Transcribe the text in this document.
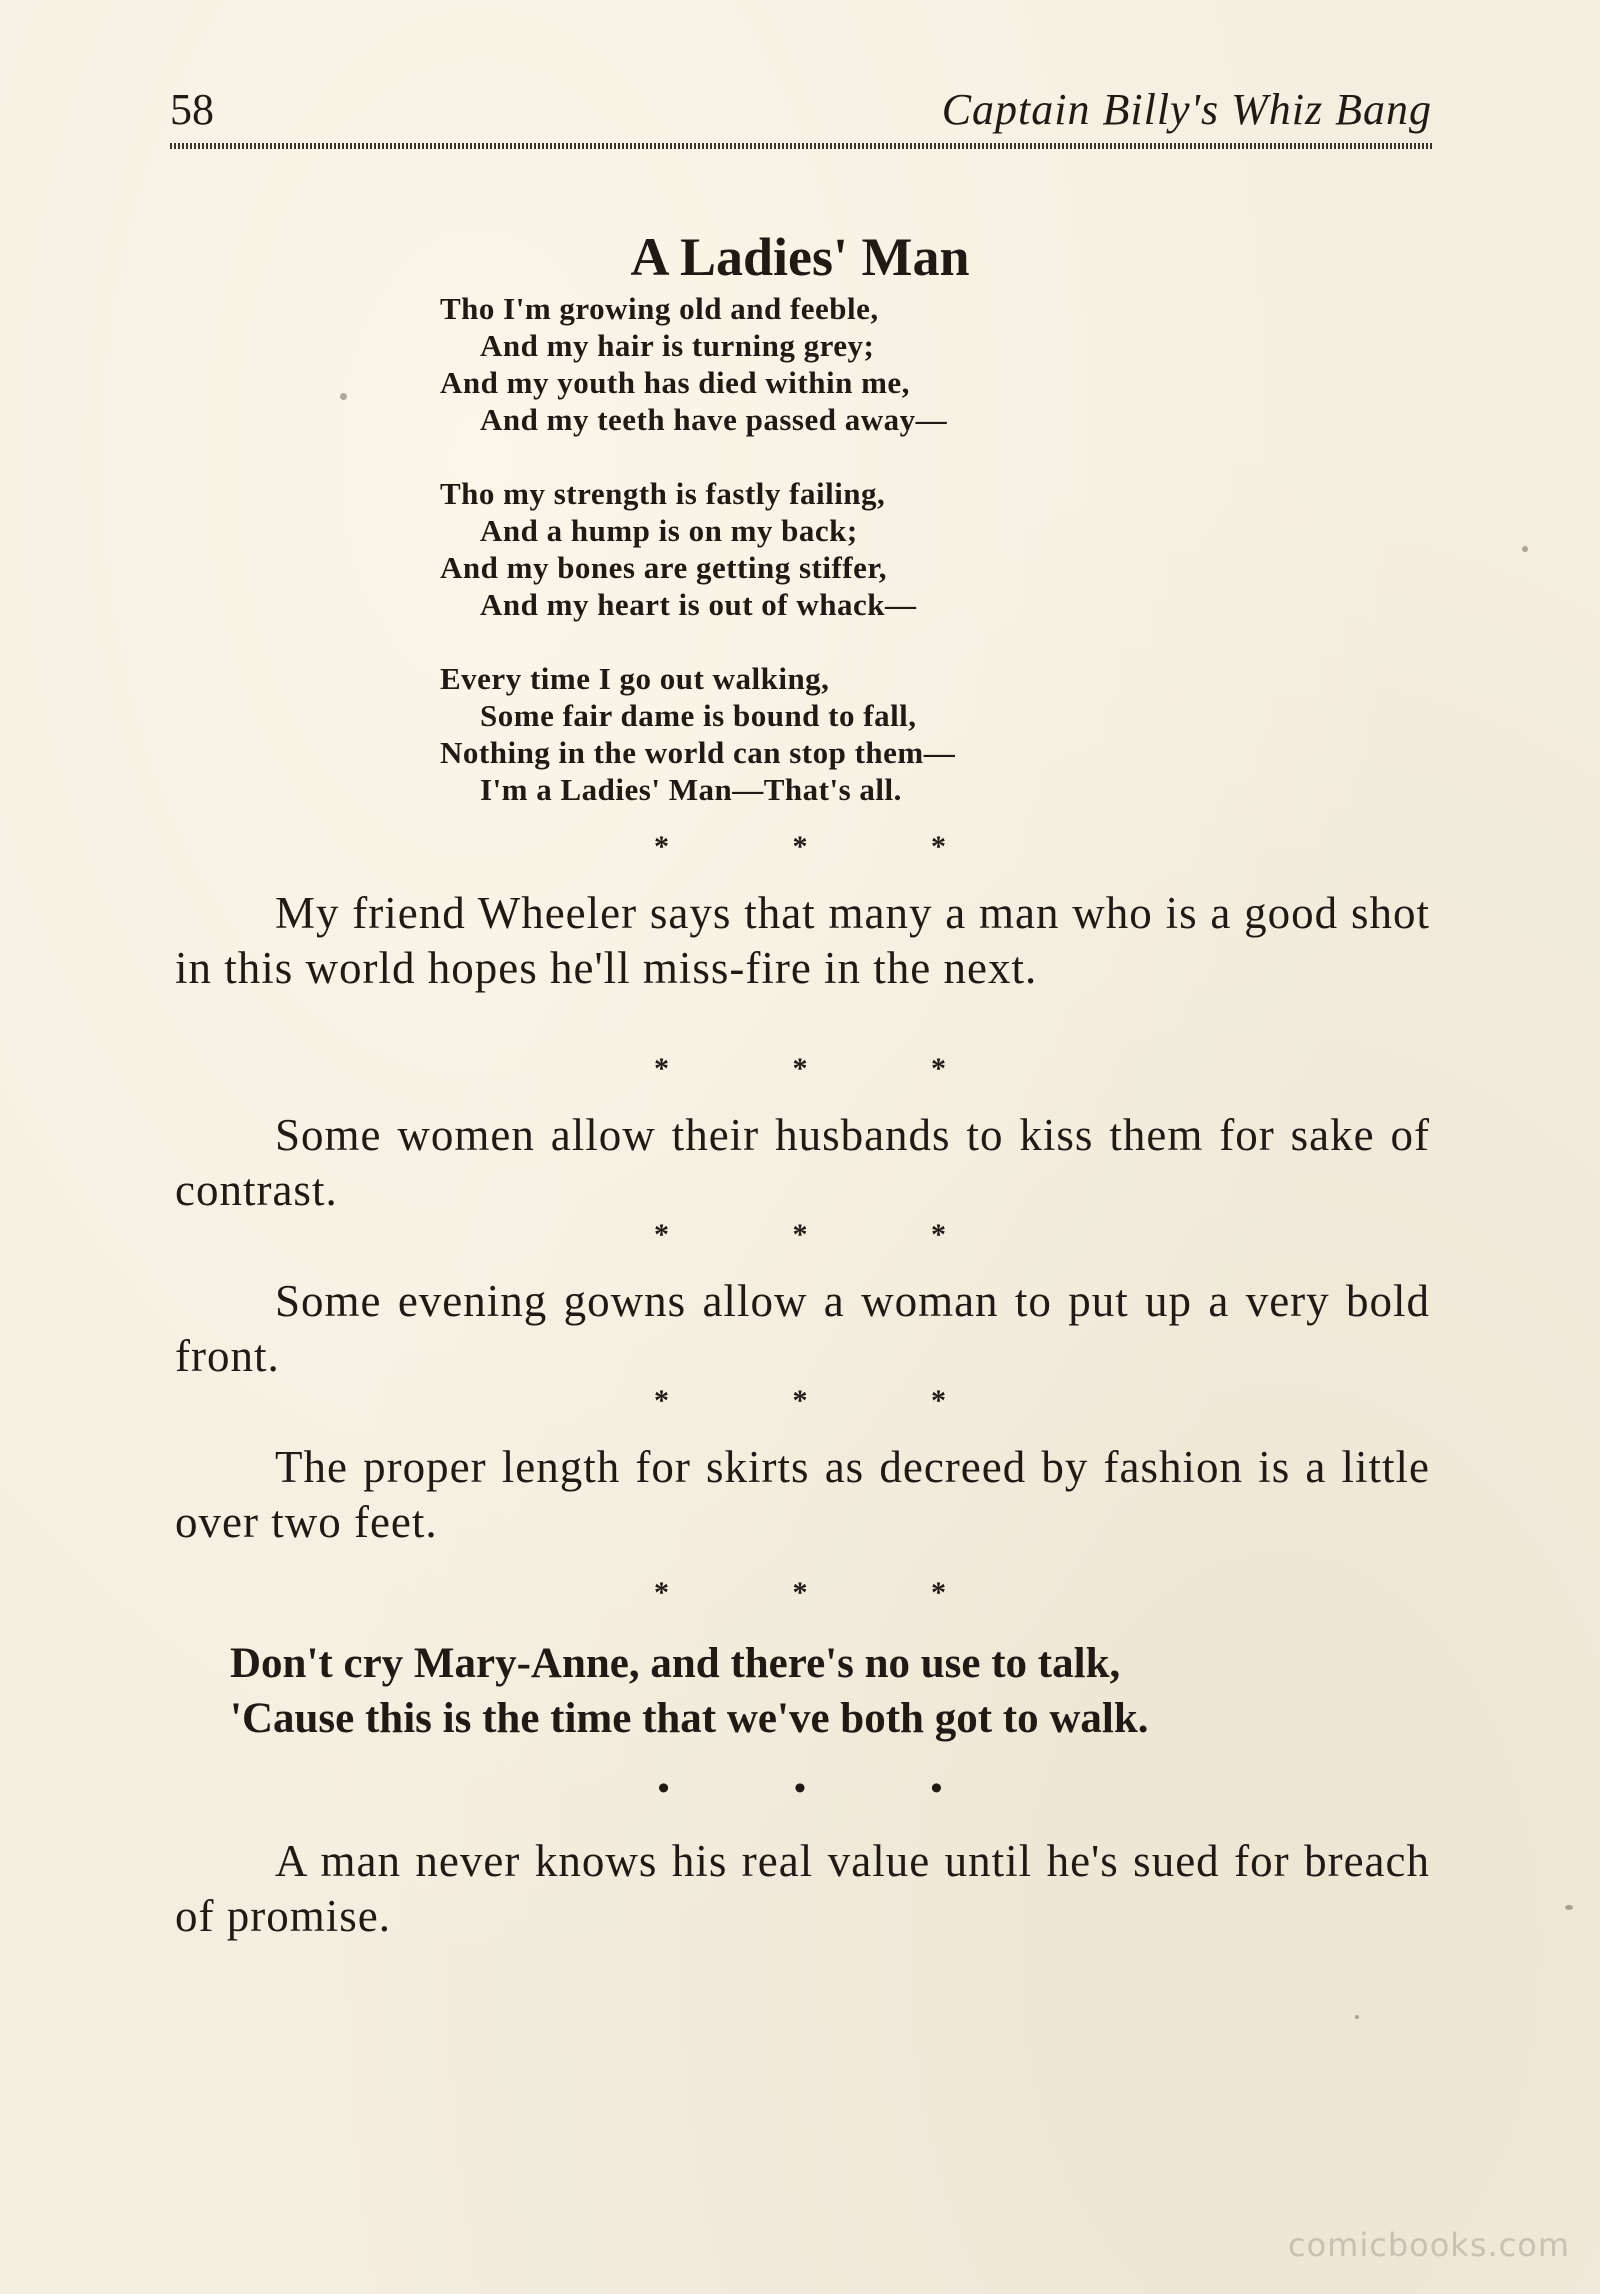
58	Captain Billy's Whiz Bang
A Ladies' Man
Tho I'm growing old and feeble,
And my hair is turning grey;
And my youth has died within me,
And my teeth have passed away—
Tho my strength is fastly failing,
And a hump is on my back;
And my bones are getting stiffer,
And my heart is out of whack—
Every time I go out walking,
Some fair dame is bound to fall,
Nothing in the world can stop them—
I'm a Ladies' Man—That's all.
* * *
My friend Wheeler says that many a man who is a good shot in this world hopes he'll miss-fire in the next.
* * *
Some women allow their husbands to kiss them for sake of contrast.
* * *
Some evening gowns allow a woman to put up a very bold front.
* * *
The proper length for skirts as decreed by fashion is a little over two feet.
* * *
Don't cry Mary-Anne, and there's no use to talk,
'Cause this is the time that we've both got to walk.
• • •
A man never knows his real value until he's sued for breach of promise.
comicbooks.com
